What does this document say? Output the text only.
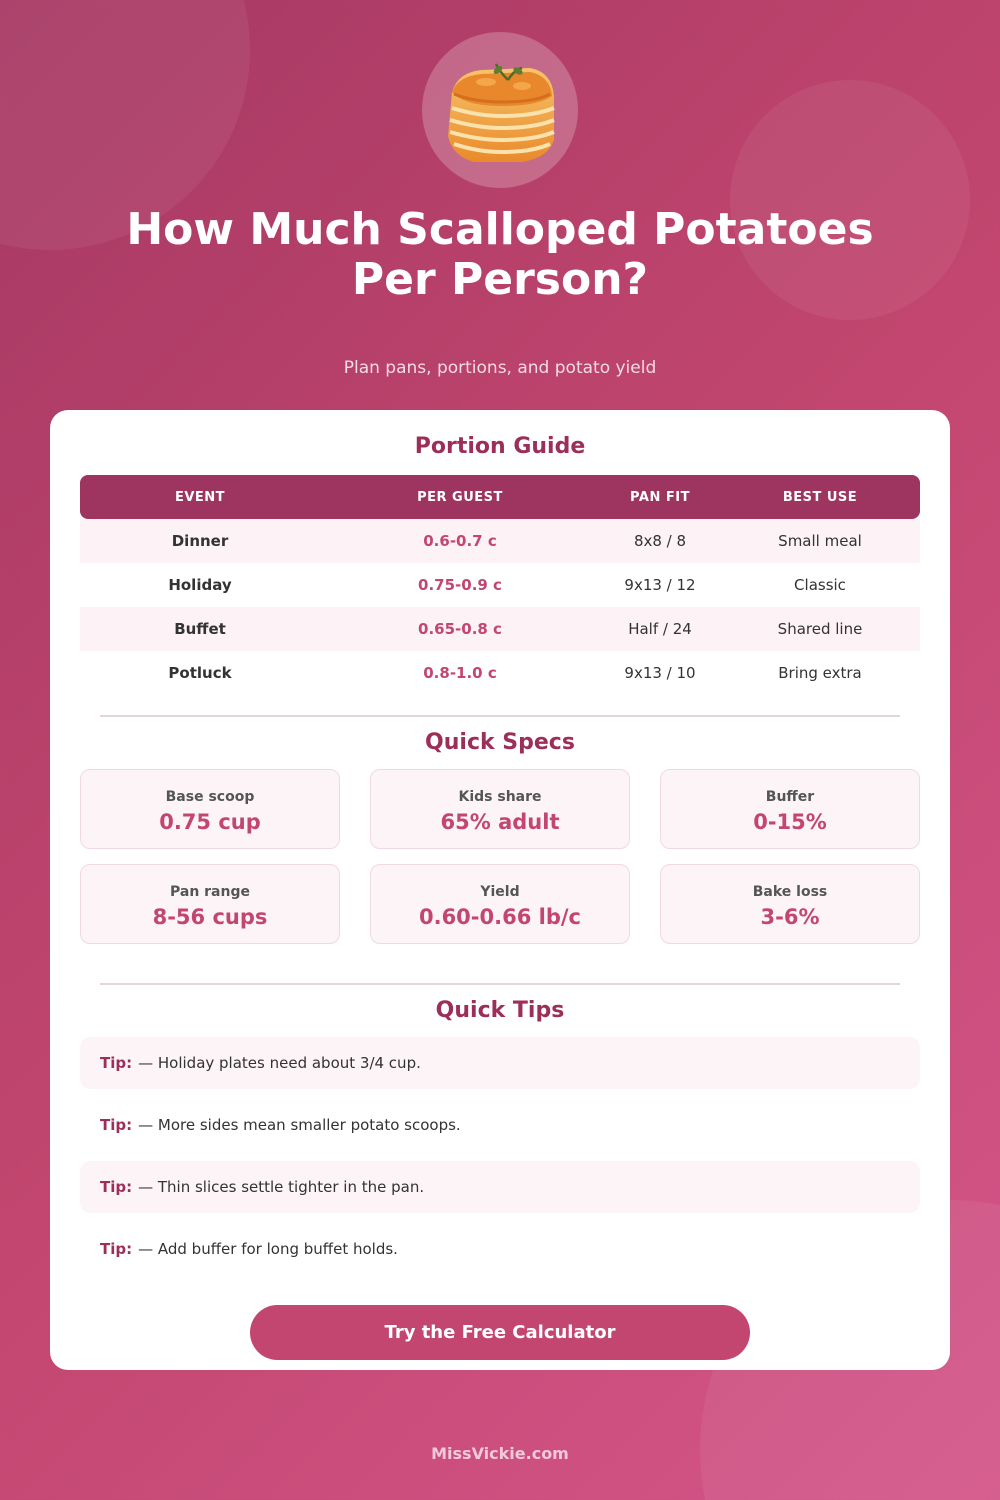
How Much Scalloped Potatoes Per Person?

Plan pans, portions, and potato yield

Portion Guide
EVENT	PER GUEST	PAN FIT	BEST USE
Dinner	0.6-0.7 c	8x8 / 8	Small meal
Holiday	0.75-0.9 c	9x13 / 12	Classic
Buffet	0.65-0.8 c	Half / 24	Shared line
Potluck	0.8-1.0 c	9x13 / 10	Bring extra
Quick Specs
Base scoop
0.75 cup
Kids share
65% adult
Buffer
0-15%
Pan range
8-56 cups
Yield
0.60-0.66 lb/c
Bake loss
3-6%
Quick Tips
Tip: — Holiday plates need about 3/4 cup.
Tip: — More sides mean smaller potato scoops.
Tip: — Thin slices settle tighter in the pan.
Tip: — Add buffer for long buffet holds.
Try the Free Calculator
MissVickie.com
